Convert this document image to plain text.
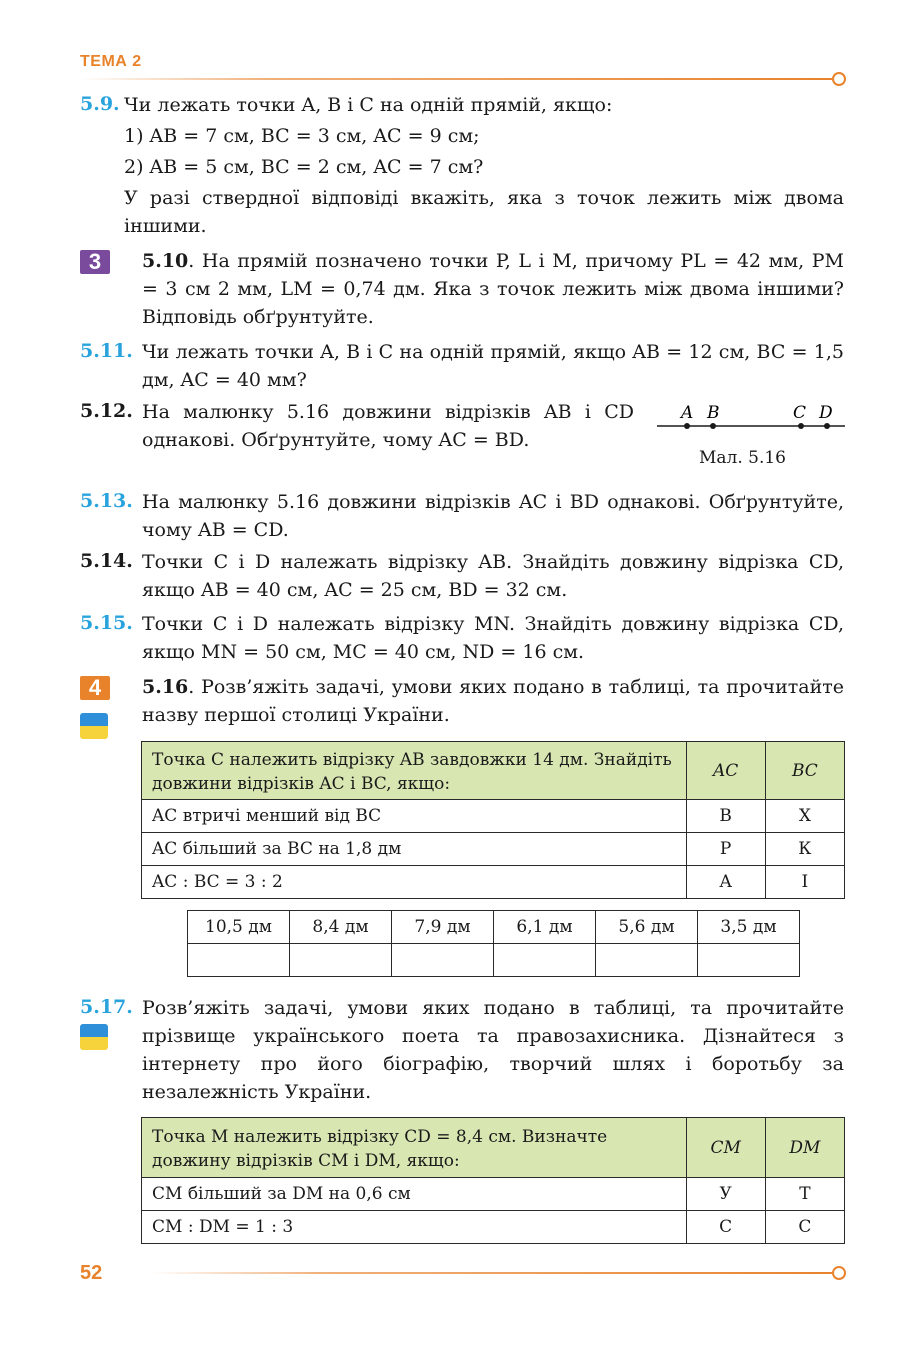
ТЕМА 2
5.9. Чи лежать точки A, B і C на одній прямій, якщо:

1) AB = 7 см, BC = 3 см, AC = 9 см;

2) AB = 5 см, BC = 2 см, AC = 7 см?

У разі ствердної відповіді вкажіть, яка з точок лежить між двома іншими.

3	5.10. На прямій позначено точки P, L і M, причому PL = 42 мм, PM = 3 см 2 мм, LM = 0,74 дм. Яка з точок лежить між двома іншими? Відповідь обґрунтуйте.
5.11. Чи лежать точки A, B і C на одній прямій, якщо AB = 12 см, BC = 1,5 дм, AC = 40 мм?
5.12. На малюнку 5.16 довжини відрізків AB і CD однакові. Обґрунтуйте, чому AC = BD.
A B	C D
Мал. 5.16
5.13. На малюнку 5.16 довжини відрізків AC і BD однакові. Обґрунтуйте, чому AB = CD.
5.14. Точки C і D належать відрізку AB. Знайдіть довжину відрізка CD, якщо AB = 40 см, AC = 25 см, BD = 32 см.
5.15. Точки C і D належать відрізку MN. Знайдіть довжину відрізка CD, якщо MN = 50 см, MC = 40 см, ND = 16 см.
4	5.16. Розв’яжіть задачі, умови яких подано в таблиці, та прочитайте назву першої столиці України.
Точка C належить відрізку AB завдовжки 14 дм. Знайдіть довжини відрізків AC і BC, якщо:	AC	BC
AC втричі менший від BC	В	Х
AC більший за BC на 1,8 дм	Р	К
AC : BC = 3 : 2	А	І
10,5 дм	8,4 дм	7,9 дм	6,1 дм	5,6 дм	3,5 дм

5.17. Розв’яжіть задачі, умови яких подано в таблиці, та прочитайте прізвище українського поета та правозахисника. Дізнайтеся з інтернету про його біографію, творчий шлях і боротьбу за незалежність України.
Точка M належить відрізку CD = 8,4 см. Визначте довжину відрізків CM і DM, якщо:	CM	DM
CM більший за DM на 0,6 см	У	Т
CM : DM = 1 : 3	С	С
52
